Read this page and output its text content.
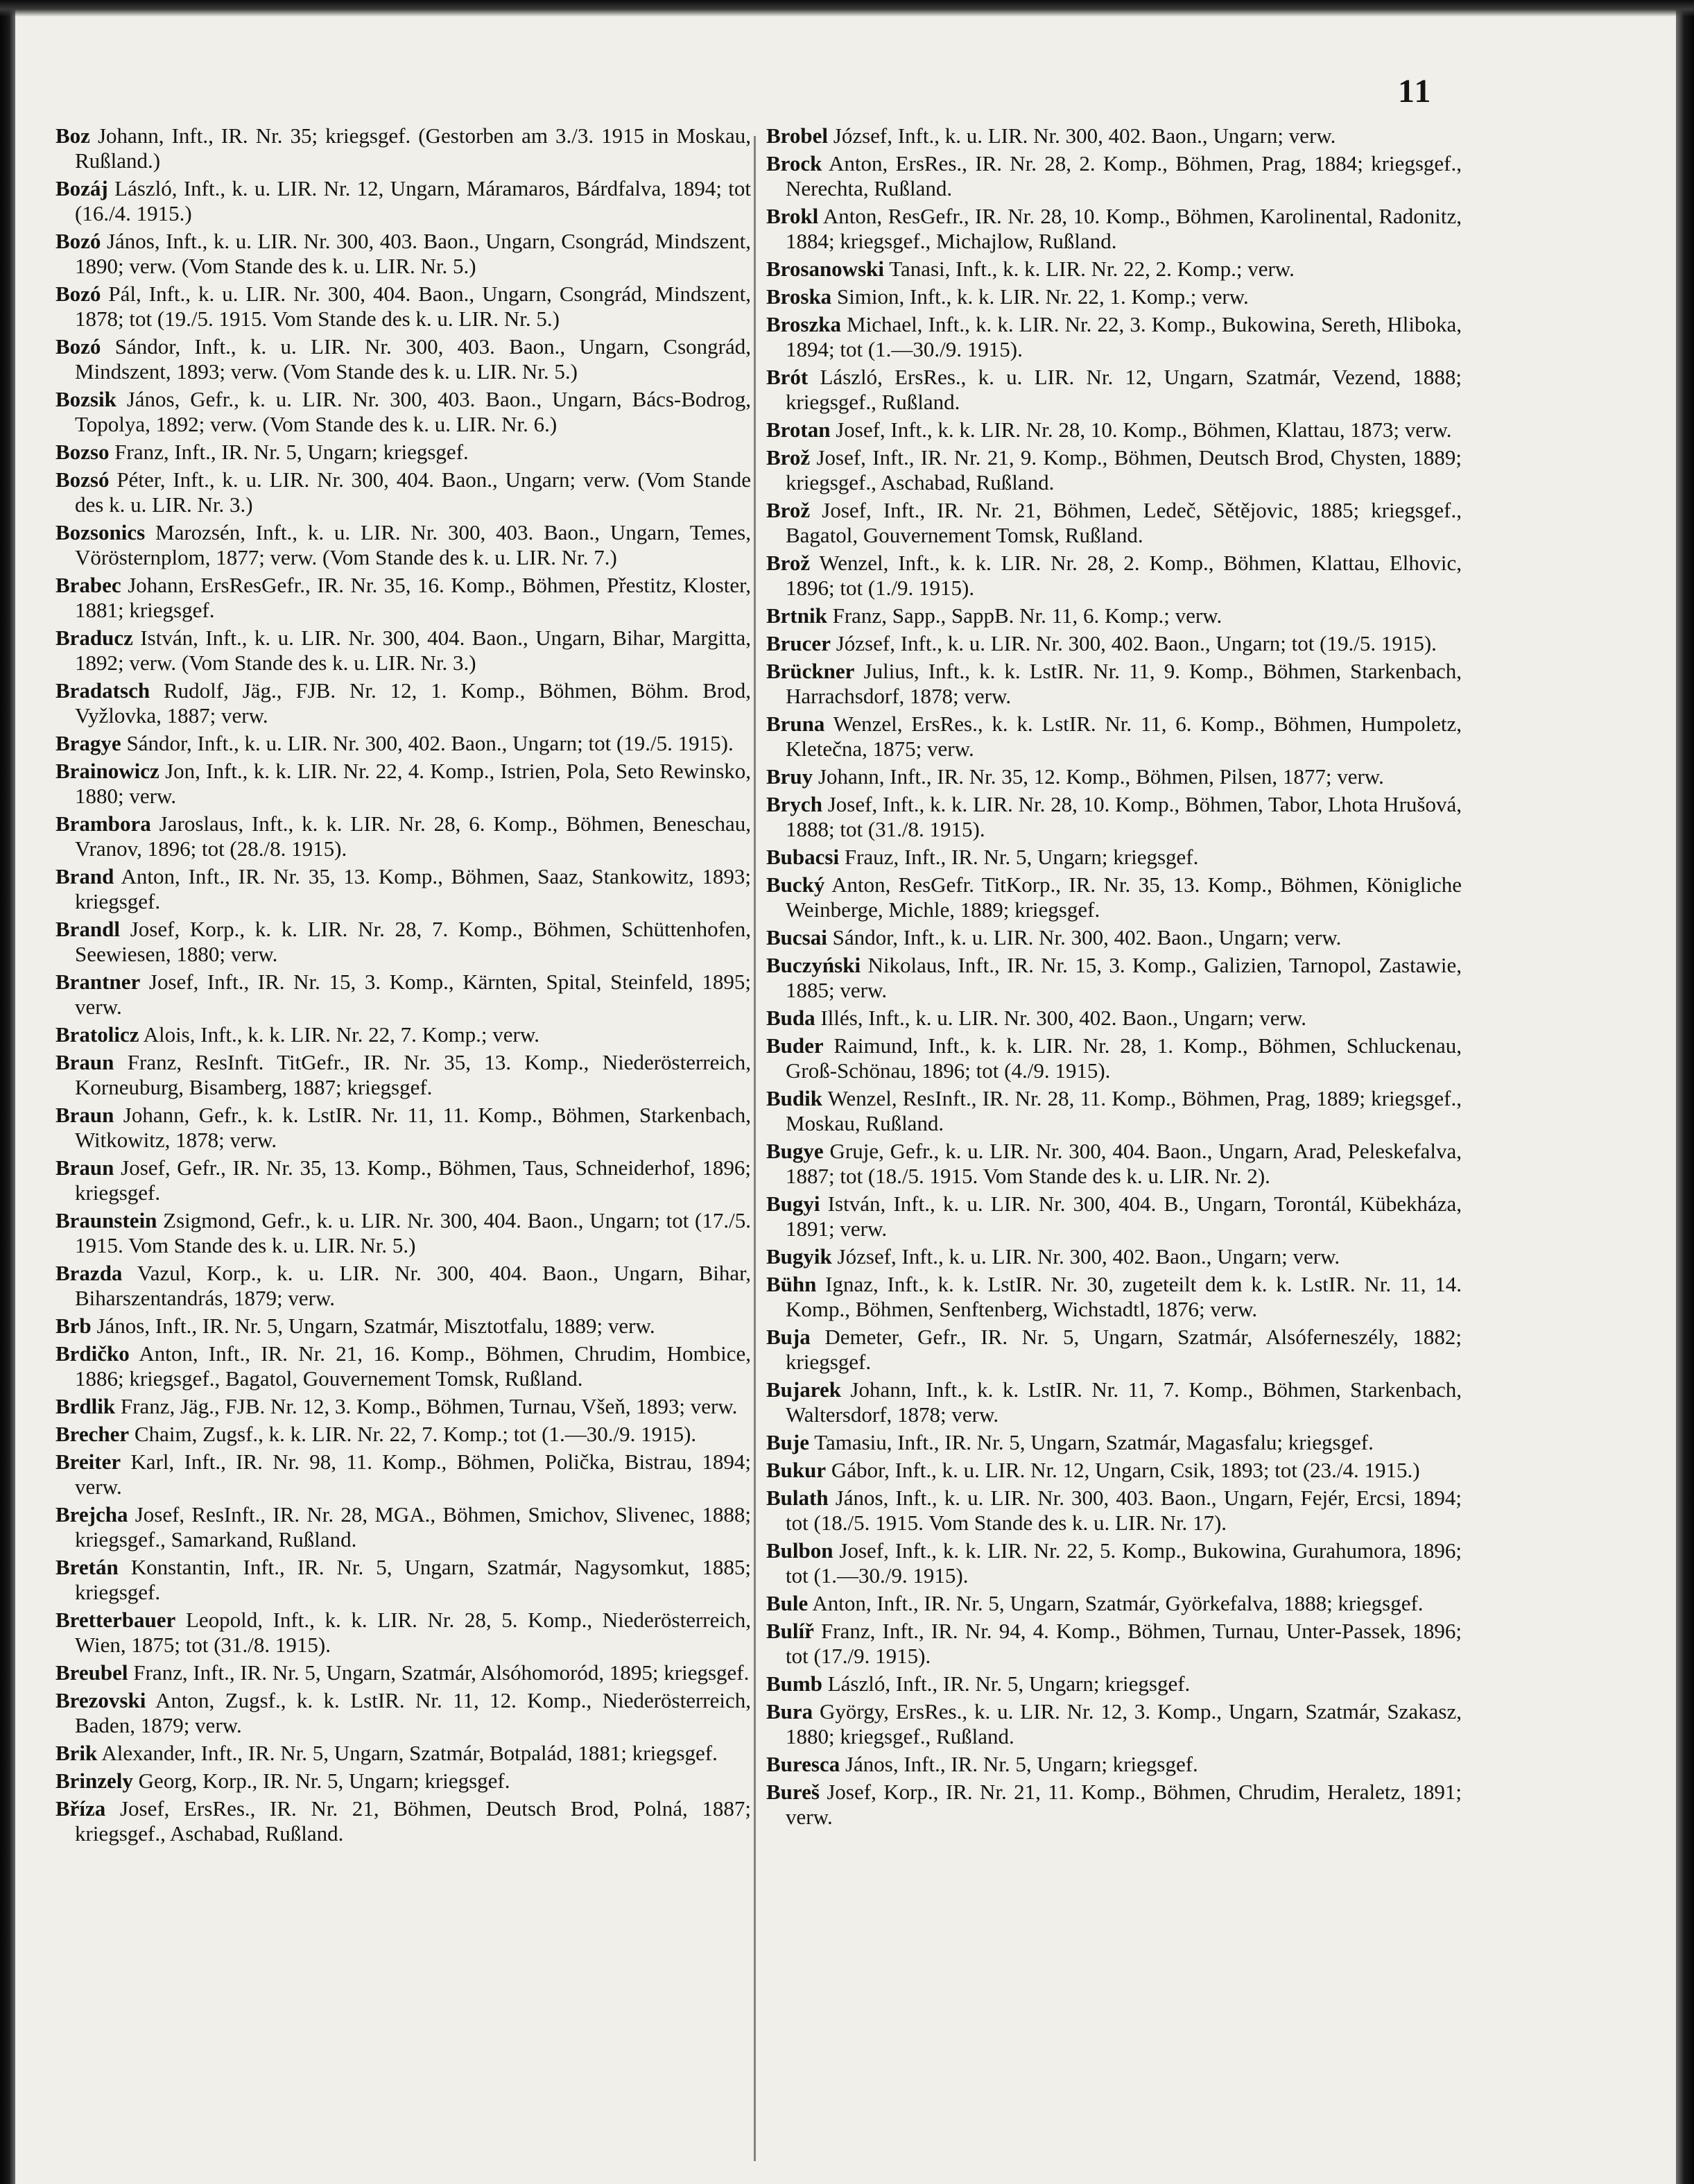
11

Boz Johann, Inft., IR. Nr. 35; kriegsgef. (Gestorben am 3./3. 1915 in Moskau, Rußland.)

Bozáj László, Inft., k. u. LIR. Nr. 12, Ungarn, Máramaros, Bárdfalva, 1894; tot (16./4. 1915.)

Bozó János, Inft., k. u. LIR. Nr. 300, 403. Baon., Ungarn, Csongrád, Mindszent, 1890; verw. (Vom Stande des k. u. LIR. Nr. 5.)

Bozó Pál, Inft., k. u. LIR. Nr. 300, 404. Baon., Ungarn, Csongrád, Mindszent, 1878; tot (19./5. 1915. Vom Stande des k. u. LIR. Nr. 5.)

Bozó Sándor, Inft., k. u. LIR. Nr. 300, 403. Baon., Ungarn, Csongrád, Mindszent, 1893; verw. (Vom Stande des k. u. LIR. Nr. 5.)

Bozsik János, Gefr., k. u. LIR. Nr. 300, 403. Baon., Ungarn, Bács-Bodrog, Topolya, 1892; verw. (Vom Stande des k. u. LIR. Nr. 6.)

Bozso Franz, Inft., IR. Nr. 5, Ungarn; kriegsgef.

Bozsó Péter, Inft., k. u. LIR. Nr. 300, 404. Baon., Ungarn; verw. (Vom Stande des k. u. LIR. Nr. 3.)

Bozsonics Marozsén, Inft., k. u. LIR. Nr. 300, 403. Baon., Ungarn, Temes, Vörösternplom, 1877; verw. (Vom Stande des k. u. LIR. Nr. 7.)

Brabec Johann, ErsResGefr., IR. Nr. 35, 16. Komp., Böhmen, Přestitz, Kloster, 1881; kriegsgef.

Braducz István, Inft., k. u. LIR. Nr. 300, 404. Baon., Ungarn, Bihar, Margitta, 1892; verw. (Vom Stande des k. u. LIR. Nr. 3.)

Bradatsch Rudolf, Jäg., FJB. Nr. 12, 1. Komp., Böhmen, Böhm. Brod, Vyžlovka, 1887; verw.

Bragye Sándor, Inft., k. u. LIR. Nr. 300, 402. Baon., Ungarn; tot (19./5. 1915).

Brainowicz Jon, Inft., k. k. LIR. Nr. 22, 4. Komp., Istrien, Pola, Seto Rewinsko, 1880; verw.

Brambora Jaroslaus, Inft., k. k. LIR. Nr. 28, 6. Komp., Böhmen, Beneschau, Vranov, 1896; tot (28./8. 1915).

Brand Anton, Inft., IR. Nr. 35, 13. Komp., Böhmen, Saaz, Stankowitz, 1893; kriegsgef.

Brandl Josef, Korp., k. k. LIR. Nr. 28, 7. Komp., Böhmen, Schüttenhofen, Seewiesen, 1880; verw.

Brantner Josef, Inft., IR. Nr. 15, 3. Komp., Kärnten, Spital, Steinfeld, 1895; verw.

Bratolicz Alois, Inft., k. k. LIR. Nr. 22, 7. Komp.; verw.

Braun Franz, ResInft. TitGefr., IR. Nr. 35, 13. Komp., Niederösterreich, Korneuburg, Bisamberg, 1887; kriegsgef.

Braun Johann, Gefr., k. k. LstIR. Nr. 11, 11. Komp., Böhmen, Starkenbach, Witkowitz, 1878; verw.

Braun Josef, Gefr., IR. Nr. 35, 13. Komp., Böhmen, Taus, Schneiderhof, 1896; kriegsgef.

Braunstein Zsigmond, Gefr., k. u. LIR. Nr. 300, 404. Baon., Ungarn; tot (17./5. 1915. Vom Stande des k. u. LIR. Nr. 5.)

Brazda Vazul, Korp., k. u. LIR. Nr. 300, 404. Baon., Ungarn, Bihar, Biharszentandrás, 1879; verw.

Brb János, Inft., IR. Nr. 5, Ungarn, Szatmár, Misztotfalu, 1889; verw.

Brdičko Anton, Inft., IR. Nr. 21, 16. Komp., Böhmen, Chrudim, Hombice, 1886; kriegsgef., Bagatol, Gouvernement Tomsk, Rußland.

Brdlik Franz, Jäg., FJB. Nr. 12, 3. Komp., Böhmen, Turnau, Všeň, 1893; verw.

Brecher Chaim, Zugsf., k. k. LIR. Nr. 22, 7. Komp.; tot (1.—30./9. 1915).

Breiter Karl, Inft., IR. Nr. 98, 11. Komp., Böhmen, Polička, Bistrau, 1894; verw.

Brejcha Josef, ResInft., IR. Nr. 28, MGA., Böhmen, Smichov, Slivenec, 1888; kriegsgef., Samarkand, Rußland.

Bretán Konstantin, Inft., IR. Nr. 5, Ungarn, Szatmár, Nagysomkut, 1885; kriegsgef.

Bretterbauer Leopold, Inft., k. k. LIR. Nr. 28, 5. Komp., Niederösterreich, Wien, 1875; tot (31./8. 1915).

Breubel Franz, Inft., IR. Nr. 5, Ungarn, Szatmár, Alsóhomoród, 1895; kriegsgef.

Brezovski Anton, Zugsf., k. k. LstIR. Nr. 11, 12. Komp., Niederösterreich, Baden, 1879; verw.

Brik Alexander, Inft., IR. Nr. 5, Ungarn, Szatmár, Botpalád, 1881; kriegsgef.

Brinzely Georg, Korp., IR. Nr. 5, Ungarn; kriegsgef.

Bříza Josef, ErsRes., IR. Nr. 21, Böhmen, Deutsch Brod, Polná, 1887; kriegsgef., Aschabad, Rußland.

Brobel József, Inft., k. u. LIR. Nr. 300, 402. Baon., Ungarn; verw.

Brock Anton, ErsRes., IR. Nr. 28, 2. Komp., Böhmen, Prag, 1884; kriegsgef., Nerechta, Rußland.

Brokl Anton, ResGefr., IR. Nr. 28, 10. Komp., Böhmen, Karolinental, Radonitz, 1884; kriegsgef., Michajlow, Rußland.

Brosanowski Tanasi, Inft., k. k. LIR. Nr. 22, 2. Komp.; verw.

Broska Simion, Inft., k. k. LIR. Nr. 22, 1. Komp.; verw.

Broszka Michael, Inft., k. k. LIR. Nr. 22, 3. Komp., Bukowina, Sereth, Hliboka, 1894; tot (1.—30./9. 1915).

Brót László, ErsRes., k. u. LIR. Nr. 12, Ungarn, Szatmár, Vezend, 1888; kriegsgef., Rußland.

Brotan Josef, Inft., k. k. LIR. Nr. 28, 10. Komp., Böhmen, Klattau, 1873; verw.

Brož Josef, Inft., IR. Nr. 21, 9. Komp., Böhmen, Deutsch Brod, Chysten, 1889; kriegsgef., Aschabad, Rußland.

Brož Josef, Inft., IR. Nr. 21, Böhmen, Ledeč, Sětějovic, 1885; kriegsgef., Bagatol, Gouvernement Tomsk, Rußland.

Brož Wenzel, Inft., k. k. LIR. Nr. 28, 2. Komp., Böhmen, Klattau, Elhovic, 1896; tot (1./9. 1915).

Brtnik Franz, Sapp., SappB. Nr. 11, 6. Komp.; verw.

Brucer József, Inft., k. u. LIR. Nr. 300, 402. Baon., Ungarn; tot (19./5. 1915).

Brückner Julius, Inft., k. k. LstIR. Nr. 11, 9. Komp., Böhmen, Starkenbach, Harrachsdorf, 1878; verw.

Bruna Wenzel, ErsRes., k. k. LstIR. Nr. 11, 6. Komp., Böhmen, Humpoletz, Kletečna, 1875; verw.

Bruy Johann, Inft., IR. Nr. 35, 12. Komp., Böhmen, Pilsen, 1877; verw.

Brych Josef, Inft., k. k. LIR. Nr. 28, 10. Komp., Böhmen, Tabor, Lhota Hrušová, 1888; tot (31./8. 1915).

Bubacsi Frauz, Inft., IR. Nr. 5, Ungarn; kriegsgef.

Bucký Anton, ResGefr. TitKorp., IR. Nr. 35, 13. Komp., Böhmen, Königliche Weinberge, Michle, 1889; kriegsgef.

Bucsai Sándor, Inft., k. u. LIR. Nr. 300, 402. Baon., Ungarn; verw.

Buczyński Nikolaus, Inft., IR. Nr. 15, 3. Komp., Galizien, Tarnopol, Zastawie, 1885; verw.

Buda Illés, Inft., k. u. LIR. Nr. 300, 402. Baon., Ungarn; verw.

Buder Raimund, Inft., k. k. LIR. Nr. 28, 1. Komp., Böhmen, Schluckenau, Groß-Schönau, 1896; tot (4./9. 1915).

Budik Wenzel, ResInft., IR. Nr. 28, 11. Komp., Böhmen, Prag, 1889; kriegsgef., Moskau, Rußland.

Bugye Gruje, Gefr., k. u. LIR. Nr. 300, 404. Baon., Ungarn, Arad, Peleskefalva, 1887; tot (18./5. 1915. Vom Stande des k. u. LIR. Nr. 2).

Bugyi István, Inft., k. u. LIR. Nr. 300, 404. B., Ungarn, Torontál, Kübekháza, 1891; verw.

Bugyik József, Inft., k. u. LIR. Nr. 300, 402. Baon., Ungarn; verw.

Bühn Ignaz, Inft., k. k. LstIR. Nr. 30, zugeteilt dem k. k. LstIR. Nr. 11, 14. Komp., Böhmen, Senftenberg, Wichstadtl, 1876; verw.

Buja Demeter, Gefr., IR. Nr. 5, Ungarn, Szatmár, Alsóferneszély, 1882; kriegsgef.

Bujarek Johann, Inft., k. k. LstIR. Nr. 11, 7. Komp., Böhmen, Starkenbach, Waltersdorf, 1878; verw.

Buje Tamasiu, Inft., IR. Nr. 5, Ungarn, Szatmár, Magasfalu; kriegsgef.

Bukur Gábor, Inft., k. u. LIR. Nr. 12, Ungarn, Csik, 1893; tot (23./4. 1915.)

Bulath János, Inft., k. u. LIR. Nr. 300, 403. Baon., Ungarn, Fejér, Ercsi, 1894; tot (18./5. 1915. Vom Stande des k. u. LIR. Nr. 17).

Bulbon Josef, Inft., k. k. LIR. Nr. 22, 5. Komp., Bukowina, Gurahumora, 1896; tot (1.—30./9. 1915).

Bule Anton, Inft., IR. Nr. 5, Ungarn, Szatmár, Györkefalva, 1888; kriegsgef.

Bulíř Franz, Inft., IR. Nr. 94, 4. Komp., Böhmen, Turnau, Unter-Passek, 1896; tot (17./9. 1915).

Bumb László, Inft., IR. Nr. 5, Ungarn; kriegsgef.

Bura György, ErsRes., k. u. LIR. Nr. 12, 3. Komp., Ungarn, Szatmár, Szakasz, 1880; kriegsgef., Rußland.

Buresca János, Inft., IR. Nr. 5, Ungarn; kriegsgef.

Bureš Josef, Korp., IR. Nr. 21, 11. Komp., Böhmen, Chrudim, Heraletz, 1891; verw.
